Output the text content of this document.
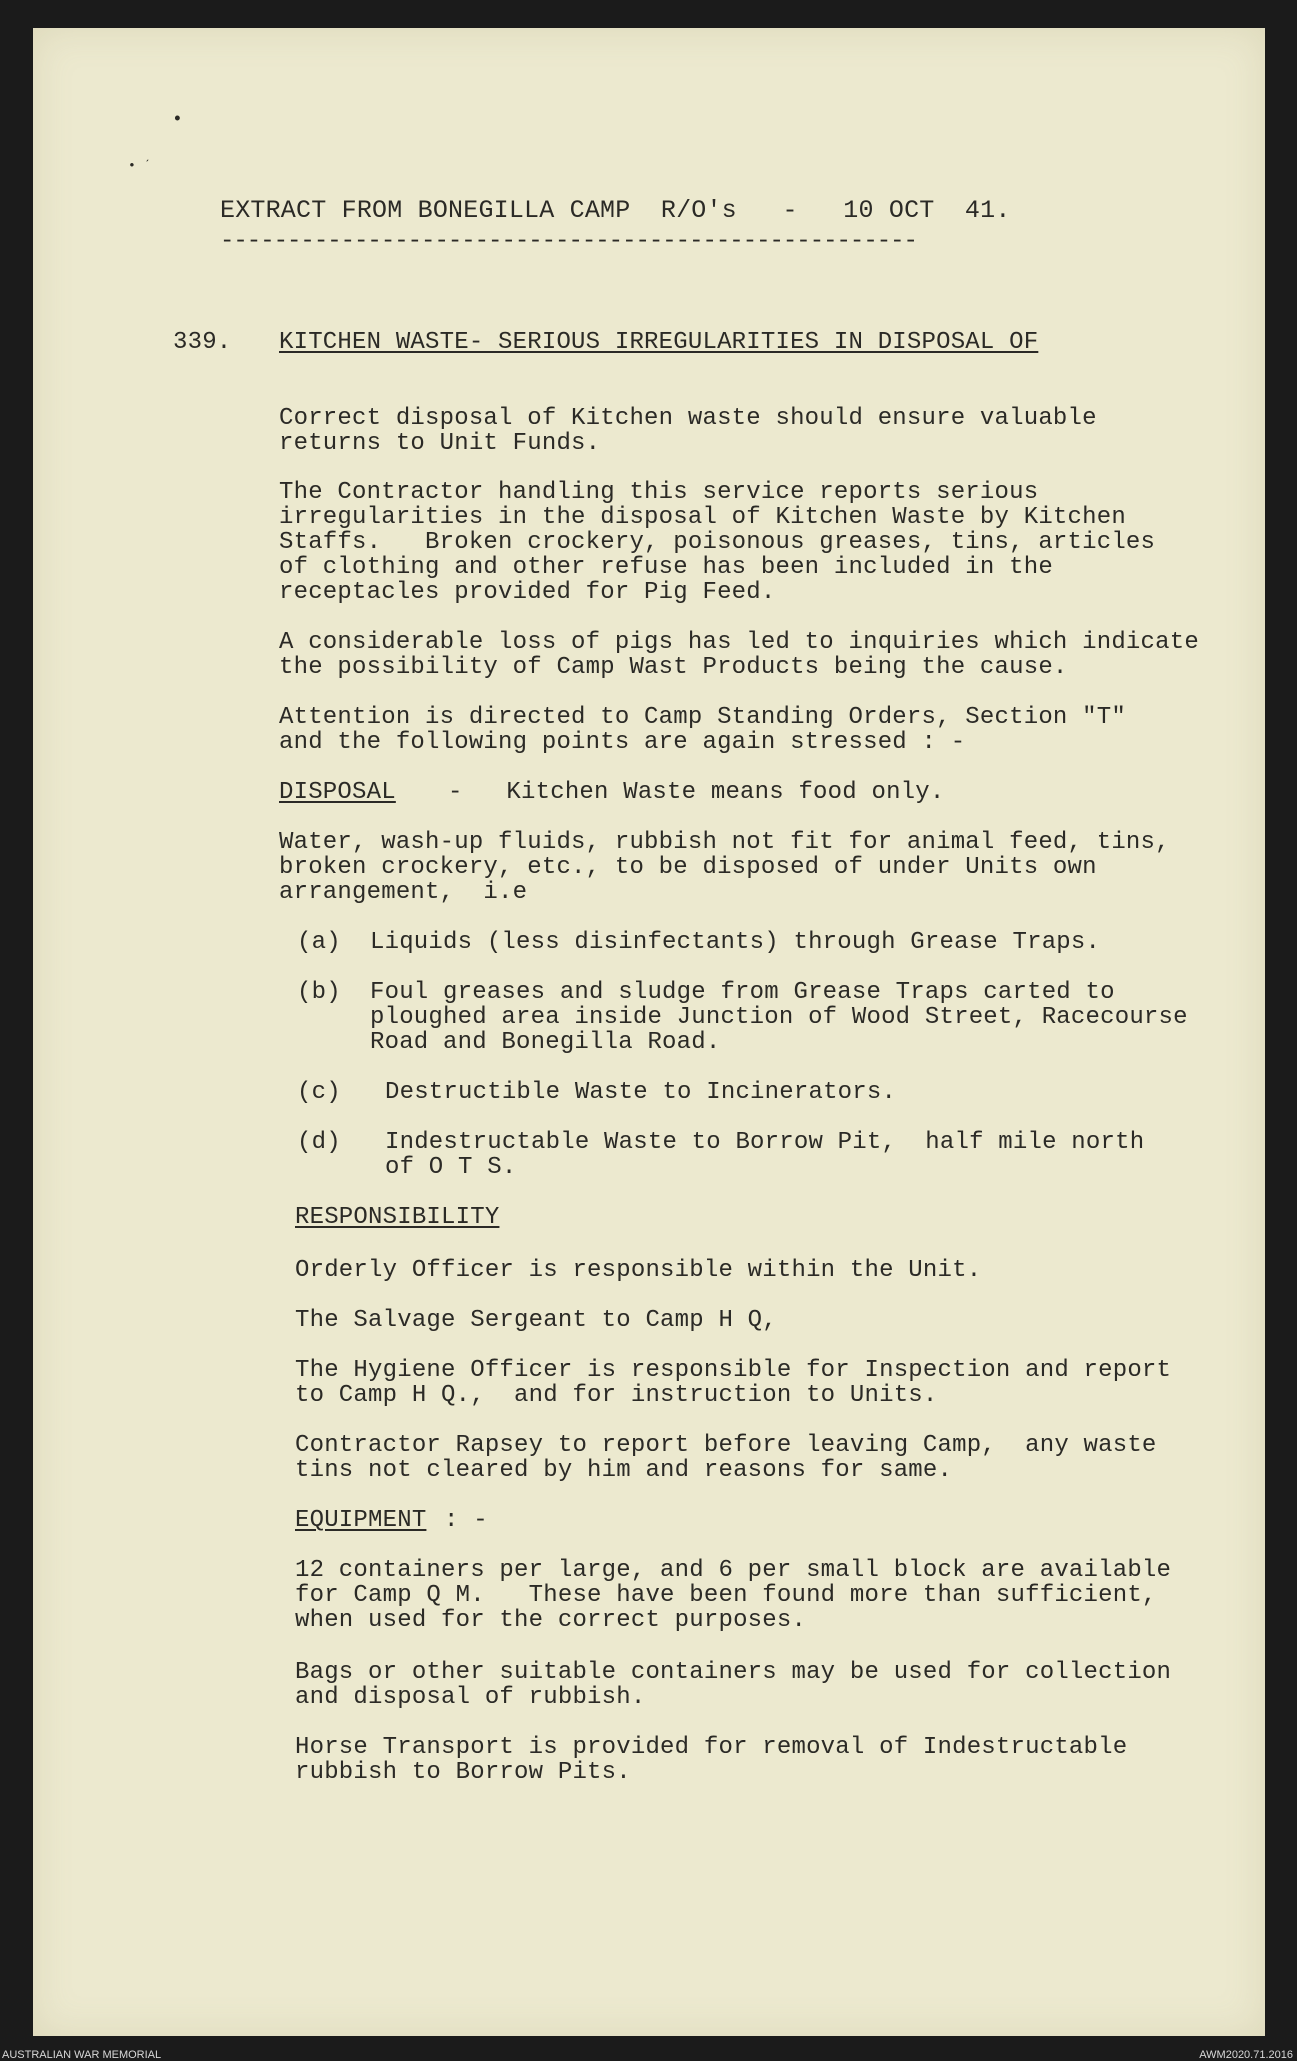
•
• ˊ
EXTRACT FROM BONEGILLA CAMP  R/O's   -   10 OCT  41.
----------------------------------------------------
339. KITCHEN WASTE- SERIOUS IRREGULARITIES IN DISPOSAL OF
Correct disposal of Kitchen waste should ensure valuable
returns to Unit Funds.
The Contractor handling this service reports serious
irregularities in the disposal of Kitchen Waste by Kitchen
Staffs.   Broken crockery, poisonous greases, tins, articles
of clothing and other refuse has been included in the
receptacles provided for Pig Feed.
A considerable loss of pigs has led to inquiries which indicate
the possibility of Camp Wast Products being the cause.
Attention is directed to Camp Standing Orders, Section "T"
and the following points are again stressed : -
DISPOSAL -   Kitchen Waste means food only.
Water, wash-up fluids, rubbish not fit for animal feed, tins,
broken crockery, etc., to be disposed of under Units own
arrangement,  i.e
(a) Liquids (less disinfectants) through Grease Traps.
(b) Foul greases and sludge from Grease Traps carted to
ploughed area inside Junction of Wood Street, Racecourse
Road and Bonegilla Road.
(c) Destructible Waste to Incinerators.
(d) Indestructable Waste to Borrow Pit,  half mile north
of O T S.
RESPONSIBILITY
Orderly Officer is responsible within the Unit.
The Salvage Sergeant to Camp H Q,
The Hygiene Officer is responsible for Inspection and report
to Camp H Q.,  and for instruction to Units.
Contractor Rapsey to report before leaving Camp,  any waste
tins not cleared by him and reasons for same.
EQUIPMENT : -
12 containers per large, and 6 per small block are available
for Camp Q M.   These have been found more than sufficient,
when used for the correct purposes.
Bags or other suitable containers may be used for collection
and disposal of rubbish.
Horse Transport is provided for removal of Indestructable
rubbish to Borrow Pits.
AUSTRALIAN WAR MEMORIAL	AWM2020.71.2016
